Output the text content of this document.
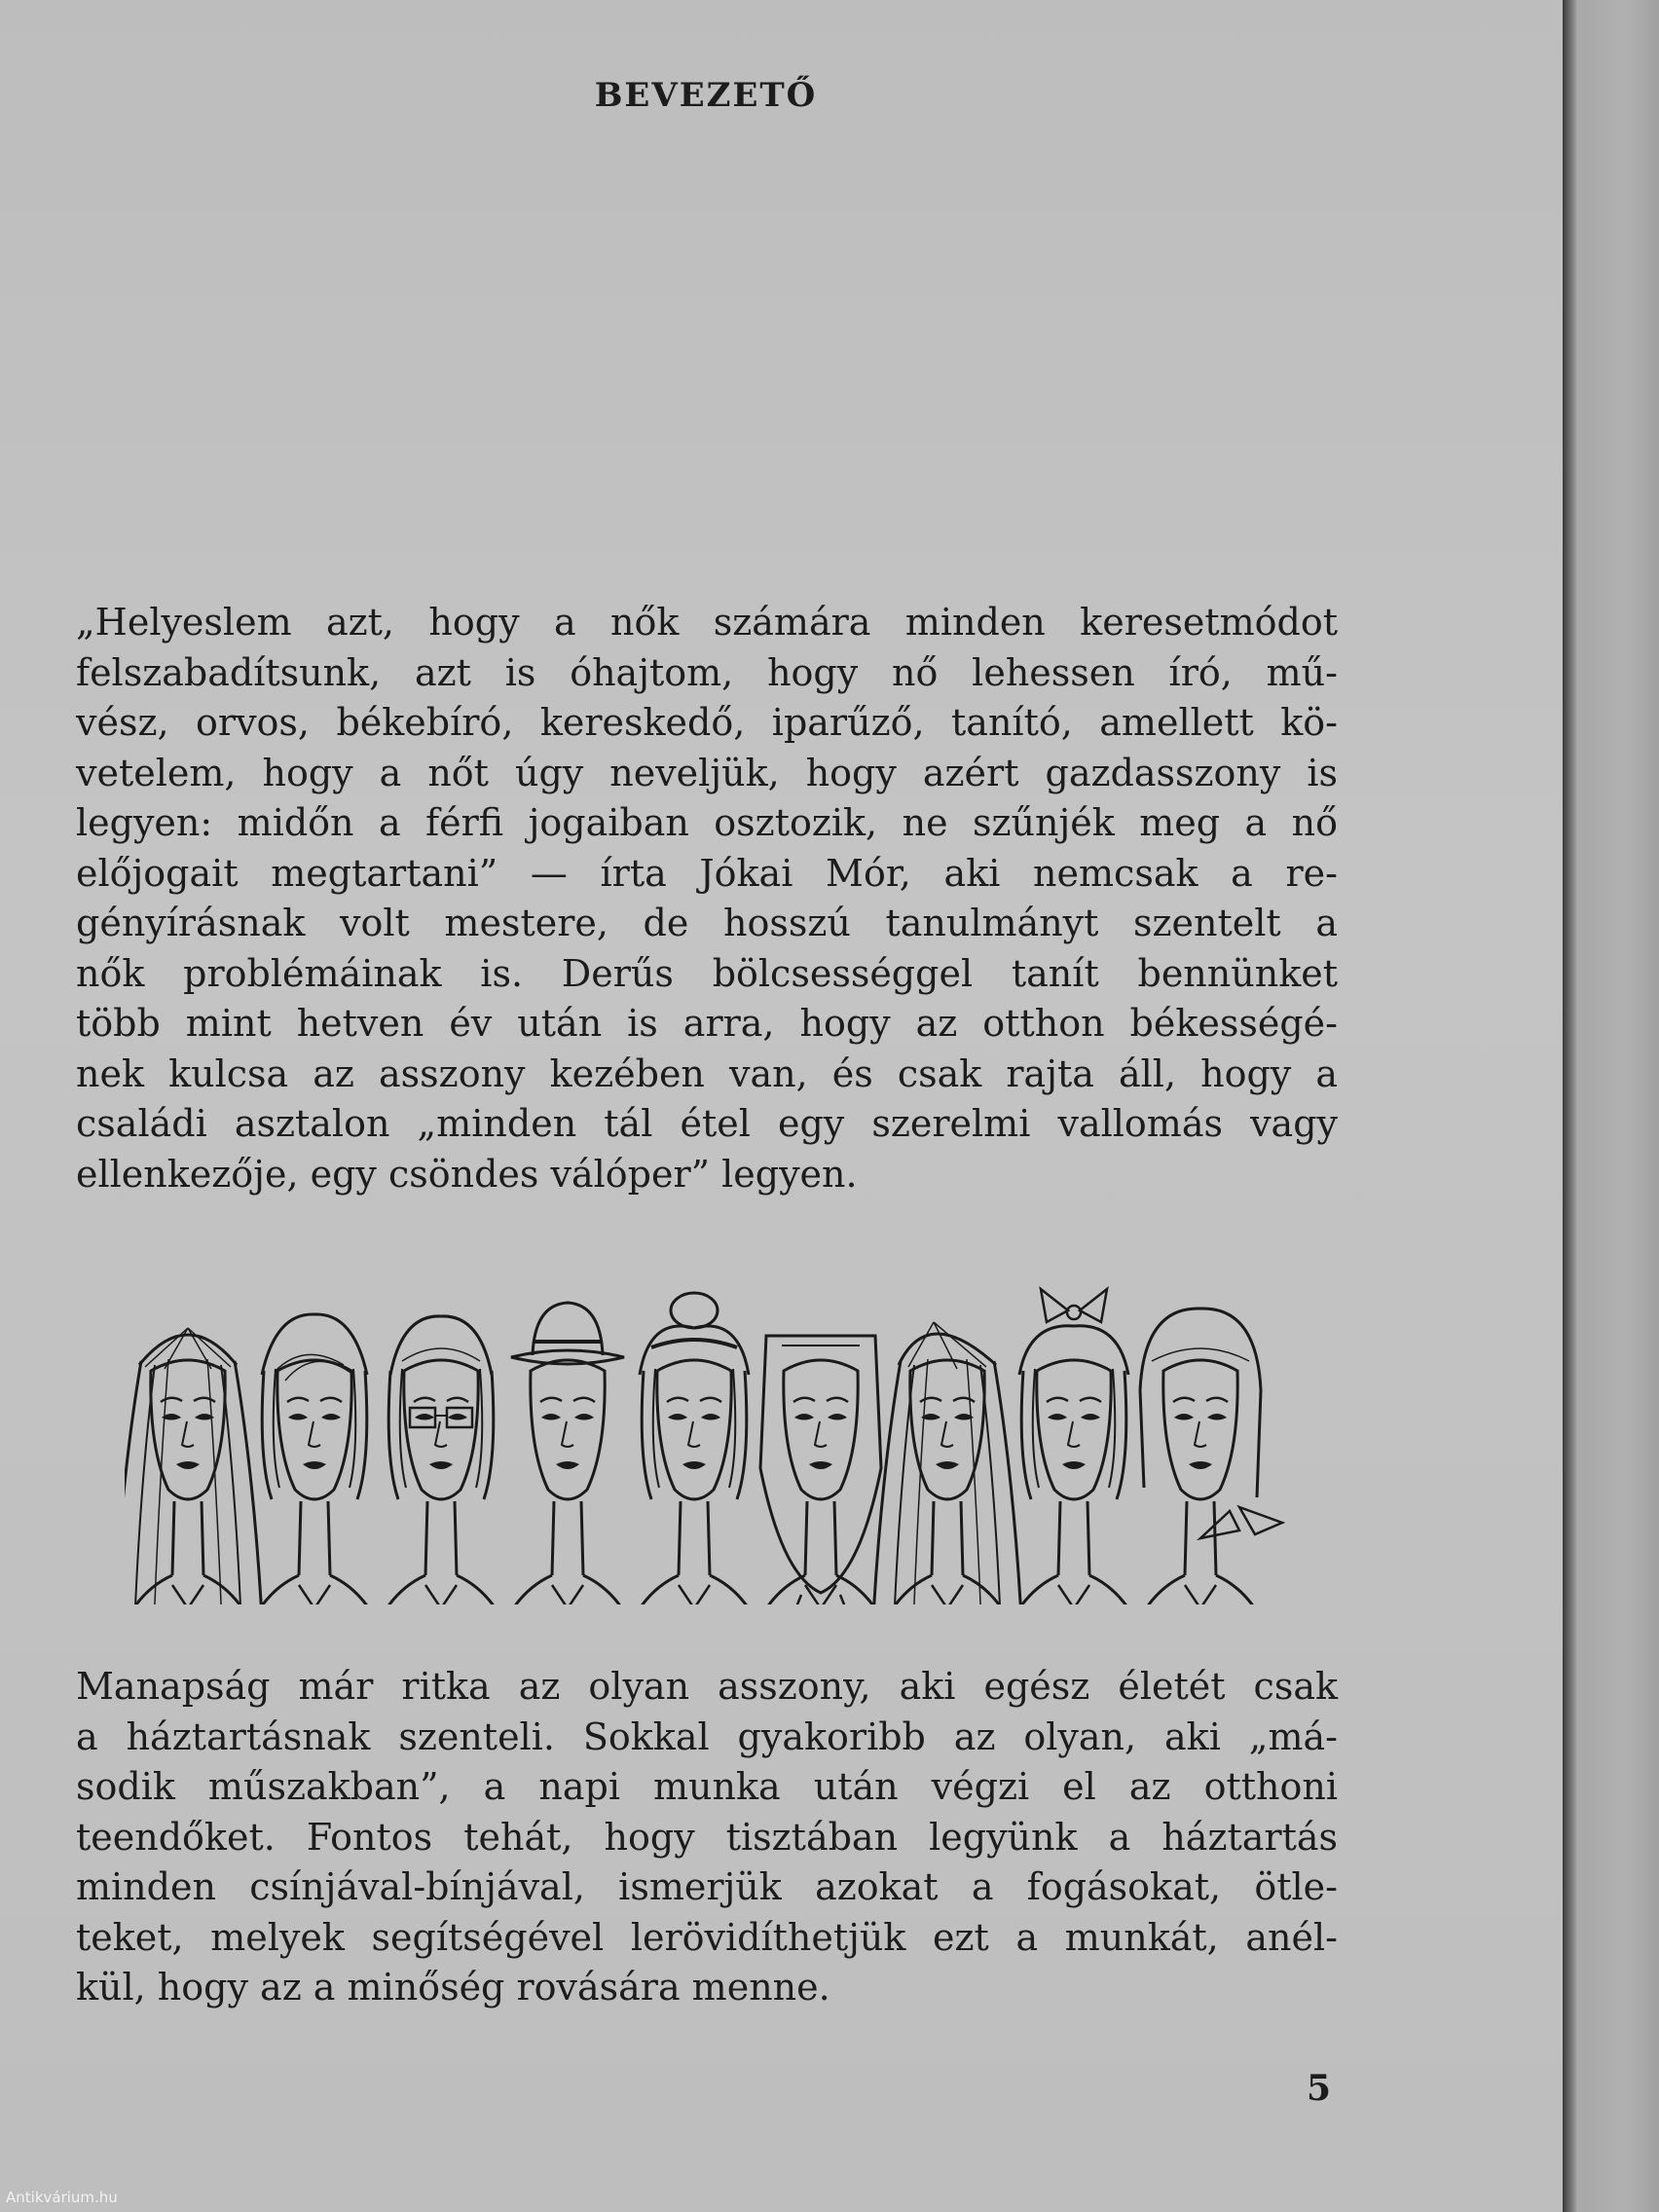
BEVEZETŐ

„Helyeslem azt, hogy a nők számára minden keresetmódot
felszabadítsunk, azt is óhajtom, hogy nő lehessen író, mű-
vész, orvos, békebíró, kereskedő, iparűző, tanító, amellett kö-
vetelem, hogy a nőt úgy neveljük, hogy azért gazdasszony is
legyen: midőn a férfi jogaiban osztozik, ne szűnjék meg a nő
előjogait megtartani” — írta Jókai Mór, aki nemcsak a re-
gényírásnak volt mestere, de hosszú tanulmányt szentelt a
nők problémáinak is. Derűs bölcsességgel tanít bennünket
több mint hetven év után is arra, hogy az otthon békességé-
nek kulcsa az asszony kezében van, és csak rajta áll, hogy a
családi asztalon „minden tál étel egy szerelmi vallomás vagy
ellenkezője, egy csöndes válóper” legyen.

Manapság már ritka az olyan asszony, aki egész életét csak
a háztartásnak szenteli. Sokkal gyakoribb az olyan, aki „má-
sodik műszakban”, a napi munka után végzi el az otthoni
teendőket. Fontos tehát, hogy tisztában legyünk a háztartás
minden csínjával-bínjával, ismerjük azokat a fogásokat, ötle-
teket, melyek segítségével lerövidíthetjük ezt a munkát, anél-
kül, hogy az a minőség rovására menne.

5
Antikvárium.hu
